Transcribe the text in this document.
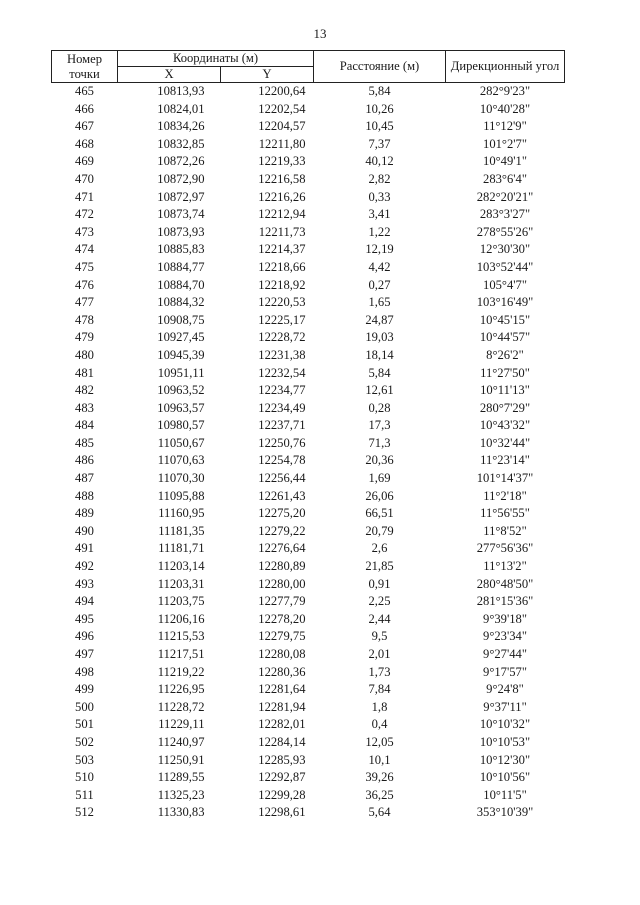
13
Номер точки	Координаты (м)		Расстояние (м)	Дирекционный угол
	X	Y		
465	10813,93	12200,64	5,84	282°9'23"
466	10824,01	12202,54	10,26	10°40'28"
467	10834,26	12204,57	10,45	11°12'9"
468	10832,85	12211,80	7,37	101°2'7"
469	10872,26	12219,33	40,12	10°49'1"
470	10872,90	12216,58	2,82	283°6'4"
471	10872,97	12216,26	0,33	282°20'21"
472	10873,74	12212,94	3,41	283°3'27"
473	10873,93	12211,73	1,22	278°55'26"
474	10885,83	12214,37	12,19	12°30'30"
475	10884,77	12218,66	4,42	103°52'44"
476	10884,70	12218,92	0,27	105°4'7"
477	10884,32	12220,53	1,65	103°16'49"
478	10908,75	12225,17	24,87	10°45'15"
479	10927,45	12228,72	19,03	10°44'57"
480	10945,39	12231,38	18,14	8°26'2"
481	10951,11	12232,54	5,84	11°27'50"
482	10963,52	12234,77	12,61	10°11'13"
483	10963,57	12234,49	0,28	280°7'29"
484	10980,57	12237,71	17,3	10°43'32"
485	11050,67	12250,76	71,3	10°32'44"
486	11070,63	12254,78	20,36	11°23'14"
487	11070,30	12256,44	1,69	101°14'37"
488	11095,88	12261,43	26,06	11°2'18"
489	11160,95	12275,20	66,51	11°56'55"
490	11181,35	12279,22	20,79	11°8'52"
491	11181,71	12276,64	2,6	277°56'36"
492	11203,14	12280,89	21,85	11°13'2"
493	11203,31	12280,00	0,91	280°48'50"
494	11203,75	12277,79	2,25	281°15'36"
495	11206,16	12278,20	2,44	9°39'18"
496	11215,53	12279,75	9,5	9°23'34"
497	11217,51	12280,08	2,01	9°27'44"
498	11219,22	12280,36	1,73	9°17'57"
499	11226,95	12281,64	7,84	9°24'8"
500	11228,72	12281,94	1,8	9°37'11"
501	11229,11	12282,01	0,4	10°10'32"
502	11240,97	12284,14	12,05	10°10'53"
503	11250,91	12285,93	10,1	10°12'30"
510	11289,55	12292,87	39,26	10°10'56"
511	11325,23	12299,28	36,25	10°11'5"
512	11330,83	12298,61	5,64	353°10'39"
